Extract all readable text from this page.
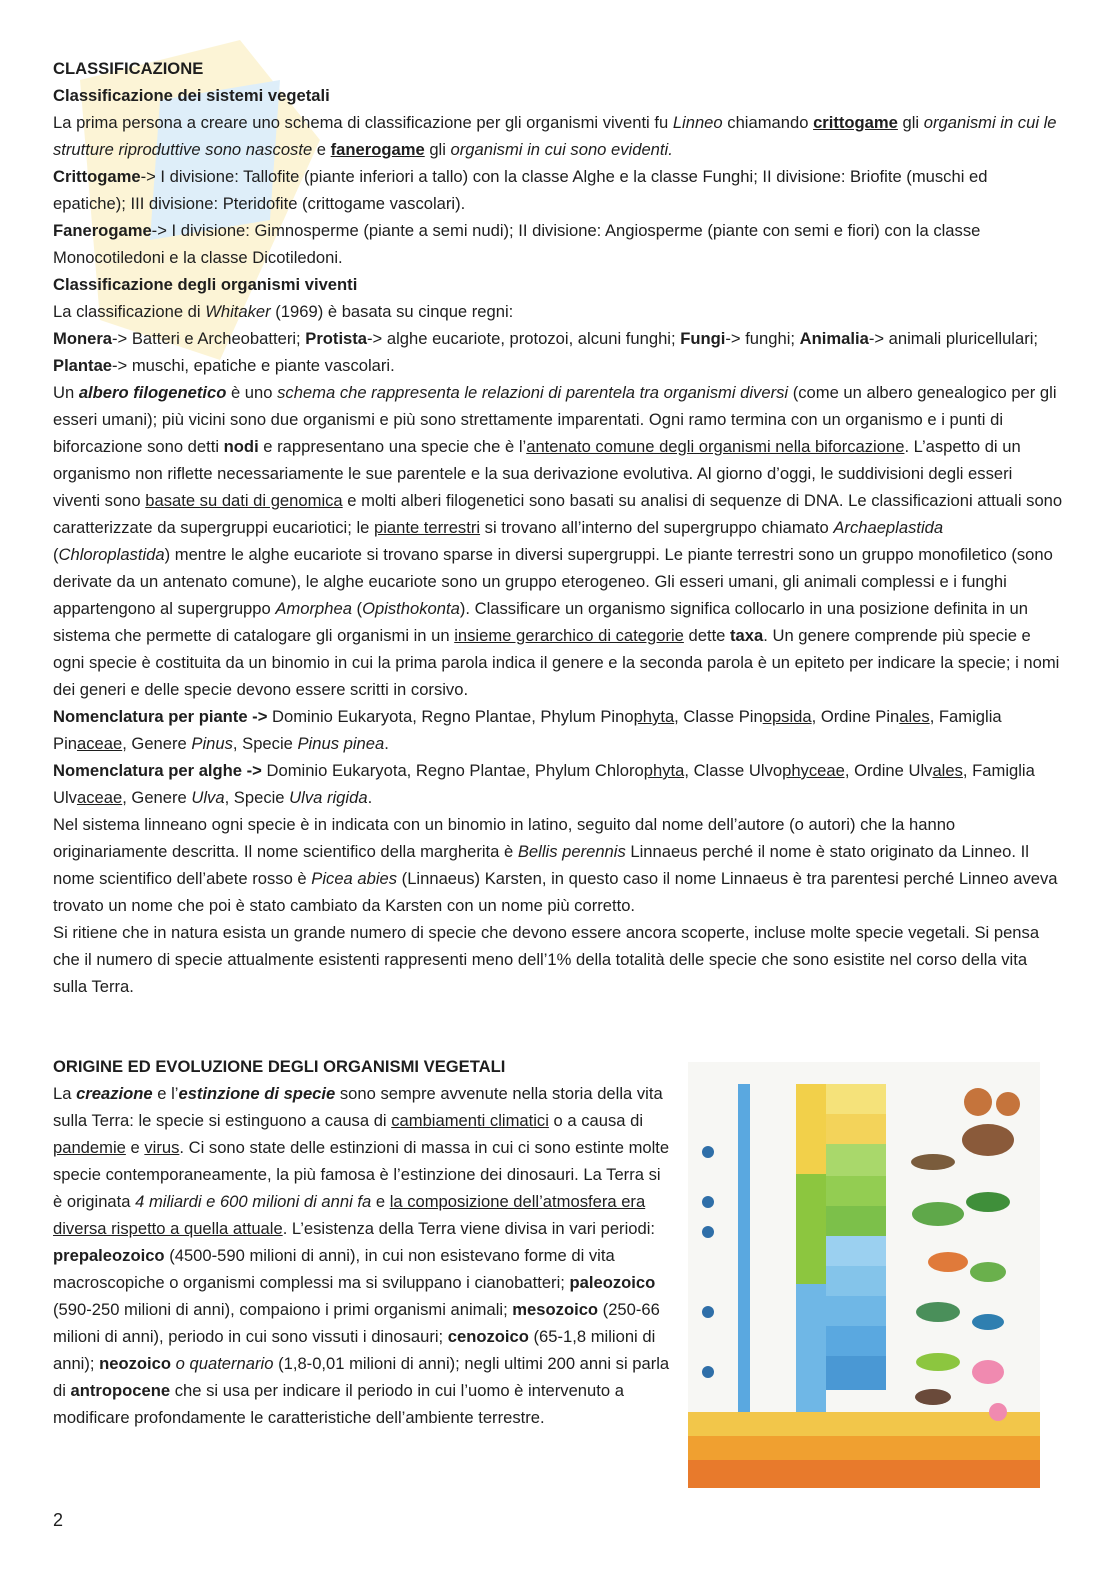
CLASSIFICAZIONE

Classificazione dei sistemi vegetali

La prima persona a creare uno schema di classificazione per gli organismi viventi fu Linneo chiamando crittogame gli organismi in cui le strutture riproduttive sono nascoste e fanerogame gli organismi in cui sono evidenti.

Crittogame-> I divisione: Tallofite (piante inferiori a tallo) con la classe Alghe e la classe Funghi; II divisione: Briofite (muschi ed epatiche); III divisione: Pteridofite (crittogame vascolari).

Fanerogame-> I divisione: Gimnosperme (piante a semi nudi); II divisione: Angiosperme (piante con semi e fiori) con la classe Monocotiledoni e la classe Dicotiledoni.

Classificazione degli organismi viventi

La classificazione di Whitaker (1969) è basata su cinque regni:

Monera-> Batteri e Archeobatteri; Protista-> alghe eucariote, protozoi, alcuni funghi; Fungi-> funghi; Animalia-> animali pluricellulari; Plantae-> muschi, epatiche e piante vascolari.

Un albero filogenetico è uno schema che rappresenta le relazioni di parentela tra organismi diversi (come un albero genealogico per gli esseri umani); più vicini sono due organismi e più sono strettamente imparentati. Ogni ramo termina con un organismo e i punti di biforcazione sono detti nodi e rappresentano una specie che è l’antenato comune degli organismi nella biforcazione. L’aspetto di un organismo non riflette necessariamente le sue parentele e la sua derivazione evolutiva. Al giorno d’oggi, le suddivisioni degli esseri viventi sono basate su dati di genomica e molti alberi filogenetici sono basati su analisi di sequenze di DNA. Le classificazioni attuali sono caratterizzate da supergruppi eucariotici; le piante terrestri si trovano all’interno del supergruppo chiamato Archaeplastida (Chloroplastida) mentre le alghe eucariote si trovano sparse in diversi supergruppi. Le piante terrestri sono un gruppo monofiletico (sono derivate da un antenato comune), le alghe eucariote sono un gruppo eterogeneo. Gli esseri umani, gli animali complessi e i funghi appartengono al supergruppo Amorphea (Opisthokonta). Classificare un organismo significa collocarlo in una posizione definita in un sistema che permette di catalogare gli organismi in un insieme gerarchico di categorie dette taxa. Un genere comprende più specie e ogni specie è costituita da un binomio in cui la prima parola indica il genere e la seconda parola è un epiteto per indicare la specie; i nomi dei generi e delle specie devono essere scritti in corsivo.

Nomenclatura per piante -> Dominio Eukaryota, Regno Plantae, Phylum Pinophyta, Classe Pinopsida, Ordine Pinales, Famiglia Pinaceae, Genere Pinus, Specie Pinus pinea.

Nomenclatura per alghe -> Dominio Eukaryota, Regno Plantae, Phylum Chlorophyta, Classe Ulvophyceae, Ordine Ulvales, Famiglia Ulvaceae, Genere Ulva, Specie Ulva rigida.

Nel sistema linneano ogni specie è in indicata con un binomio in latino, seguito dal nome dell’autore (o autori) che la hanno originariamente descritta. Il nome scientifico della margherita è Bellis perennis Linnaeus perché il nome è stato originato da Linneo. Il nome scientifico dell’abete rosso è Picea abies (Linnaeus) Karsten, in questo caso il nome Linnaeus è tra parentesi perché Linneo aveva trovato un nome che poi è stato cambiato da Karsten con un nome più corretto.

Si ritiene che in natura esista un grande numero di specie che devono essere ancora scoperte, incluse molte specie vegetali. Si pensa che il numero di specie attualmente esistenti rappresenti meno dell’1% della totalità delle specie che sono esistite nel corso della vita sulla Terra.

ORIGINE ED EVOLUZIONE DEGLI ORGANISMI VEGETALI

La creazione e l’estinzione di specie sono sempre avvenute nella storia della vita sulla Terra: le specie si estinguono a causa di cambiamenti climatici o a causa di pandemie e virus. Ci sono state delle estinzioni di massa in cui ci sono estinte molte specie contemporaneamente, la più famosa è l’estinzione dei dinosauri. La Terra si è originata 4 miliardi e 600 milioni di anni fa e la composizione dell’atmosfera era diversa rispetto a quella attuale. L’esistenza della Terra viene divisa in vari periodi: prepaleozoico (4500-590 milioni di anni), in cui non esistevano forme di vita macroscopiche o organismi complessi ma si sviluppano i cianobatteri; paleozoico (590-250 milioni di anni), compaiono i primi organismi animali; mesozoico (250-66 milioni di anni), periodo in cui sono vissuti i dinosauri; cenozoico (65-1,8 milioni di anni); neozoico o quaternario (1,8-0,01 milioni di anni); negli ultimi 200 anni si parla di antropocene che si usa per indicare il periodo in cui l’uomo è intervenuto a modificare profondamente le caratteristiche dell’ambiente terrestre.

2
